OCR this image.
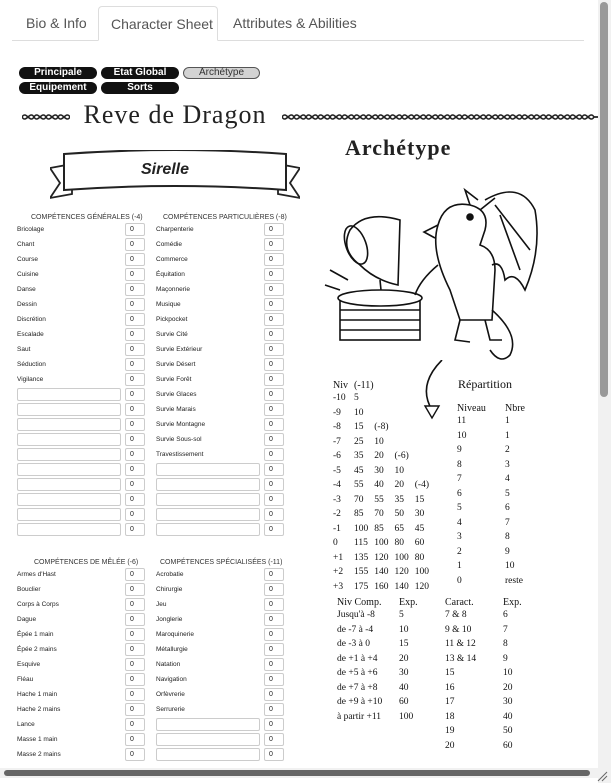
Bio & Info	Character Sheet	Attributes & Abilities
Principale	Etat Global	Archétype
Equipement	Sorts
Reve de Dragon
Sirelle
COMPÉTENCES GÉNÉRALES (-4)	COMPÉTENCES PARTICULIÈRES (-8)
COMPÉTENCES DE MÊLÉE (-6)	COMPÉTENCES SPÉCIALISÉES (-11)
Bricolage	0
Chant	0
Course	0
Cuisine	0
Danse	0
Dessin	0
Discrétion	0
Escalade	0
Saut	0
Séduction	0
Vigilance	0
0
0
0
0
0
0
0
0
0
0
Charpenterie	0
Comédie	0
Commerce	0
Équitation	0
Maçonnerie	0
Musique	0
Pickpocket	0
Survie Cité	0
Survie Extérieur	0
Survie Désert	0
Survie Forêt	0
Survie Glaces	0
Survie Marais	0
Survie Montagne	0
Survie Sous-sol	0
Travestissement	0
0
0
0
0
0
Armes d'Hast	0
Bouclier	0
Corps à Corps	0
Dague	0
Épée 1 main	0
Épée 2 mains	0
Esquive	0
Fléau	0
Hache 1 main	0
Hache 2 mains	0
Lance	0
Masse 1 main	0
Masse 2 mains	0
Acrobatie	0
Chirurgie	0
Jeu	0
Jonglerie	0
Maroquinerie	0
Métallurgie	0
Natation	0
Navigation	0
Orfèvrerie	0
Serrurerie	0
0
0
0
Archétype
Niv	(-11)			
-10	5			
-9	10			
-8	15	(-8)		
-7	25	10		
-6	35	20	(-6)	
-5	45	30	10	
-4	55	40	20	(-4)
-3	70	55	35	15
-2	85	70	50	30
-1	100	85	65	45
0	115	100	80	60
+1	135	120	100	80
+2	155	140	120	100
+3	175	160	140	120
Répartition
Niveau	Nbre
11	1
10	1
9	2
8	3
7	4
6	5
5	6
4	7
3	8
2	9
1	10
0	reste
Niv Comp.	Exp.
Jusqu'à -8	5
de -7 à -4	10
de -3 à 0	15
de +1 à +4	20
de +5 à +6	30
de +7 à +8	40
de +9 à +10	60
à partir +11	100
Caract.	Exp.
7 & 8	6
9 & 10	7
11 & 12	8
13 & 14	9
15	10
16	20
17	30
18	40
19	50
20	60
